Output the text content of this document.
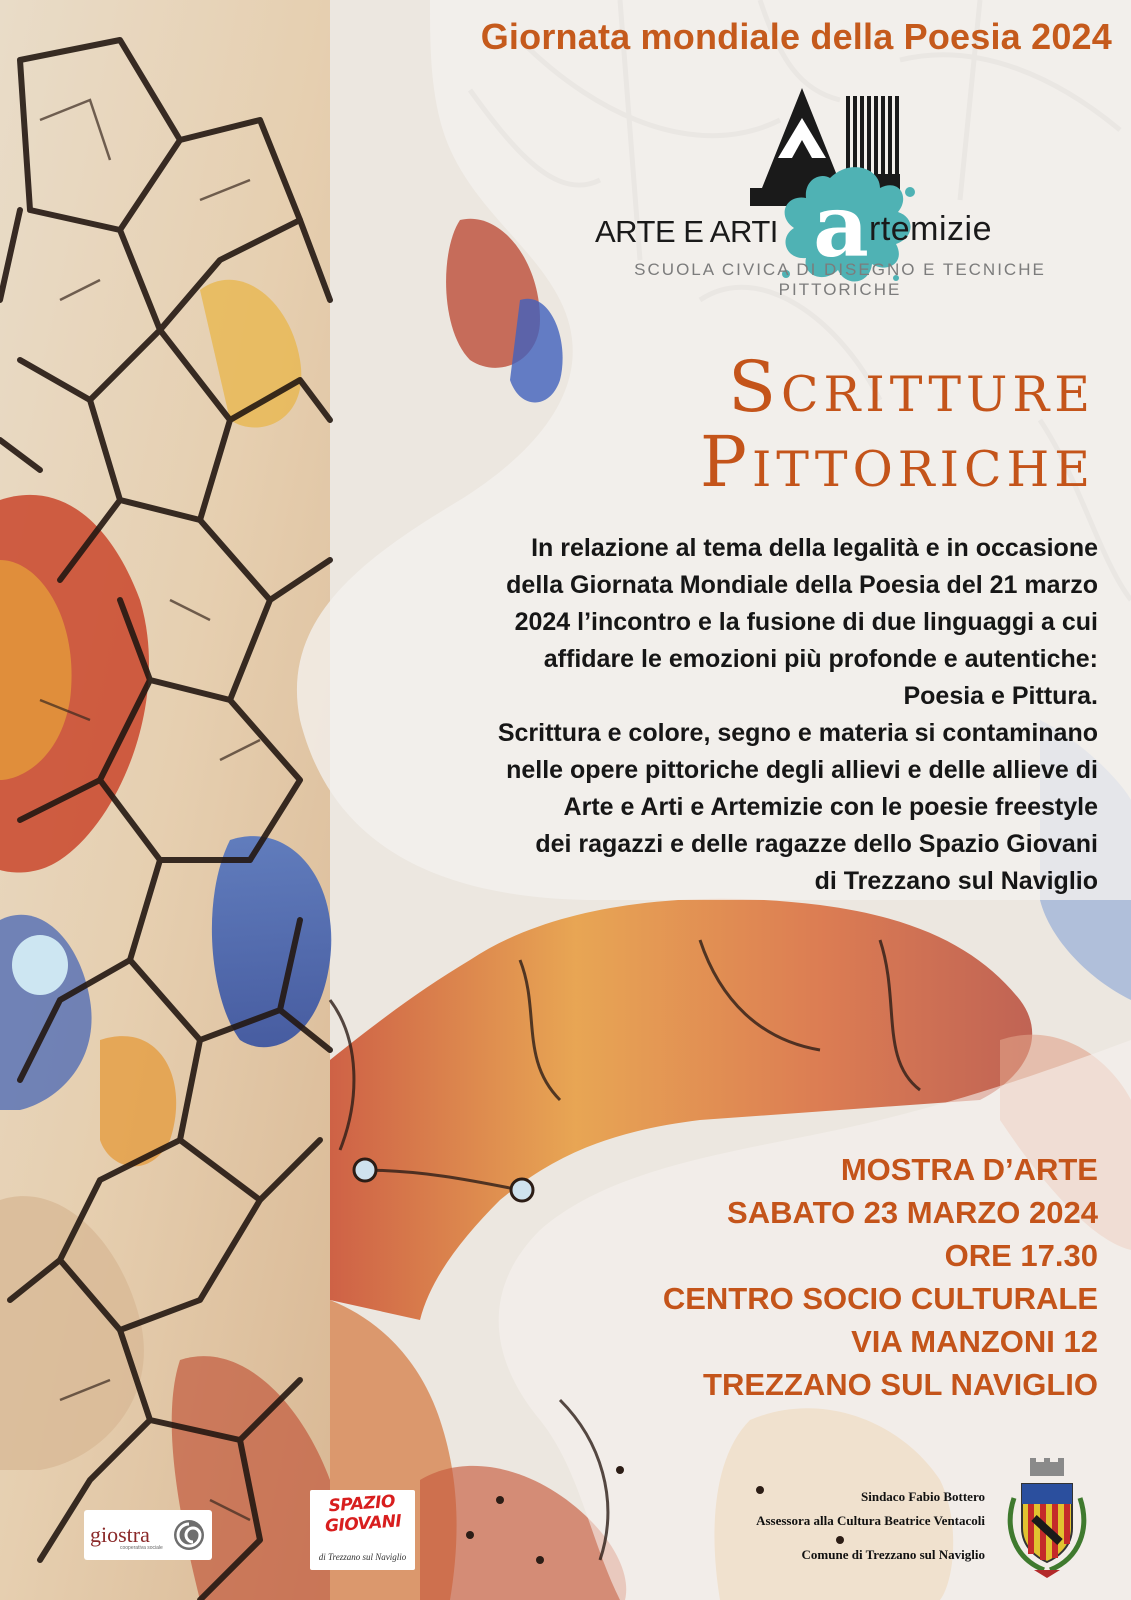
Giornata mondiale della Poesia 2024
a
ARTE E ARTI	rtemizie
SCUOLA CIVICA DI DISEGNO E TECNICHE PITTORICHE
Scritture
Pittoriche
In relazione al tema della legalità e in occasione
della Giornata Mondiale della Poesia del 21 marzo
2024 l’incontro e la fusione di due linguaggi a cui
affidare le emozioni più profonde e autentiche:
Poesia e Pittura.
Scrittura e colore, segno e materia si contaminano
nelle opere pittoriche degli allievi e delle allieve di
Arte e Arti e Artemizie con le poesie freestyle
dei ragazzi e delle ragazze dello Spazio Giovani
di Trezzano sul Naviglio
MOSTRA D’ARTE
SABATO 23 MARZO 2024
ORE 17.30
CENTRO SOCIO CULTURALE
VIA MANZONI 12
TREZZANO SUL NAVIGLIO
Sindaco Fabio Bottero
Assessora alla Cultura Beatrice Ventacoli
Comune di Trezzano sul Naviglio
giostra
cooperativa sociale
SPAZIO
GIOVANI
di Trezzano sul Naviglio
